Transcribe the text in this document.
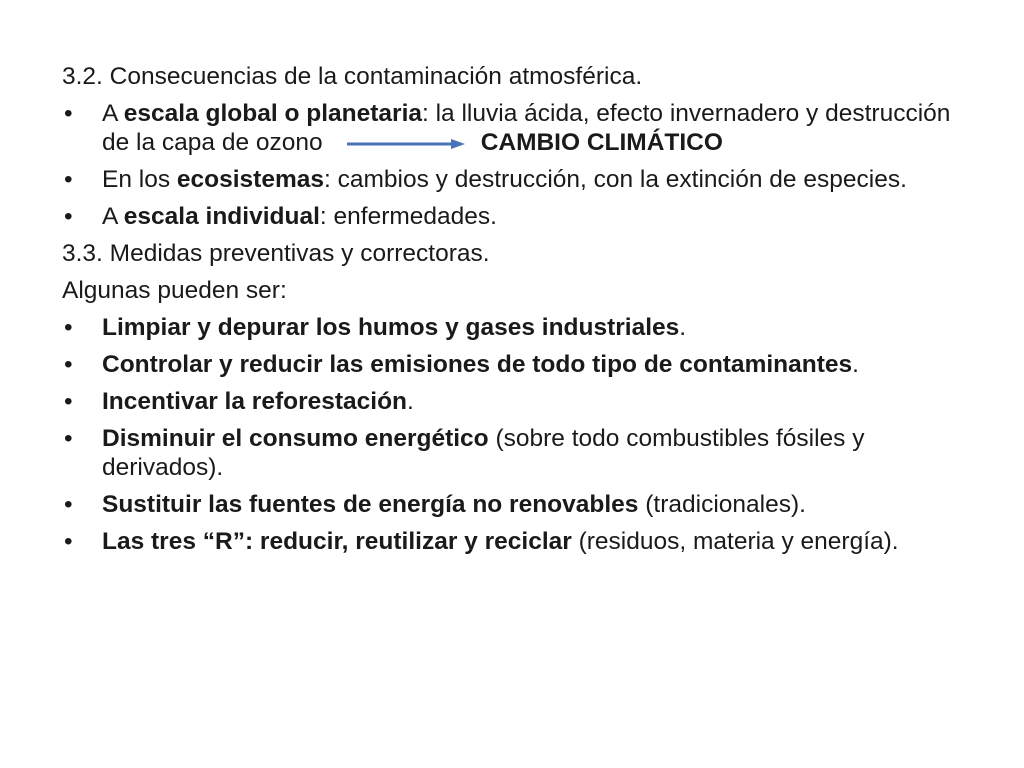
3.2. Consecuencias de la contaminación atmosférica.

• A escala global o planetaria: la lluvia ácida, efecto invernadero y destrucción de la capa de ozono	CAMBIO CLIMÁTICO
• En los ecosistemas: cambios y destrucción, con la extinción de especies.
• A escala individual: enfermedades.

3.3. Medidas preventivas y correctoras.

Algunas pueden ser:

• Limpiar y depurar los humos y gases industriales.
• Controlar y reducir las emisiones de todo tipo de contaminantes.
• Incentivar la reforestación.
• Disminuir el consumo energético (sobre todo combustibles fósiles y derivados).
• Sustituir las fuentes de energía no renovables (tradicionales).
• Las tres “R”: reducir, reutilizar y reciclar (residuos, materia y energía).
